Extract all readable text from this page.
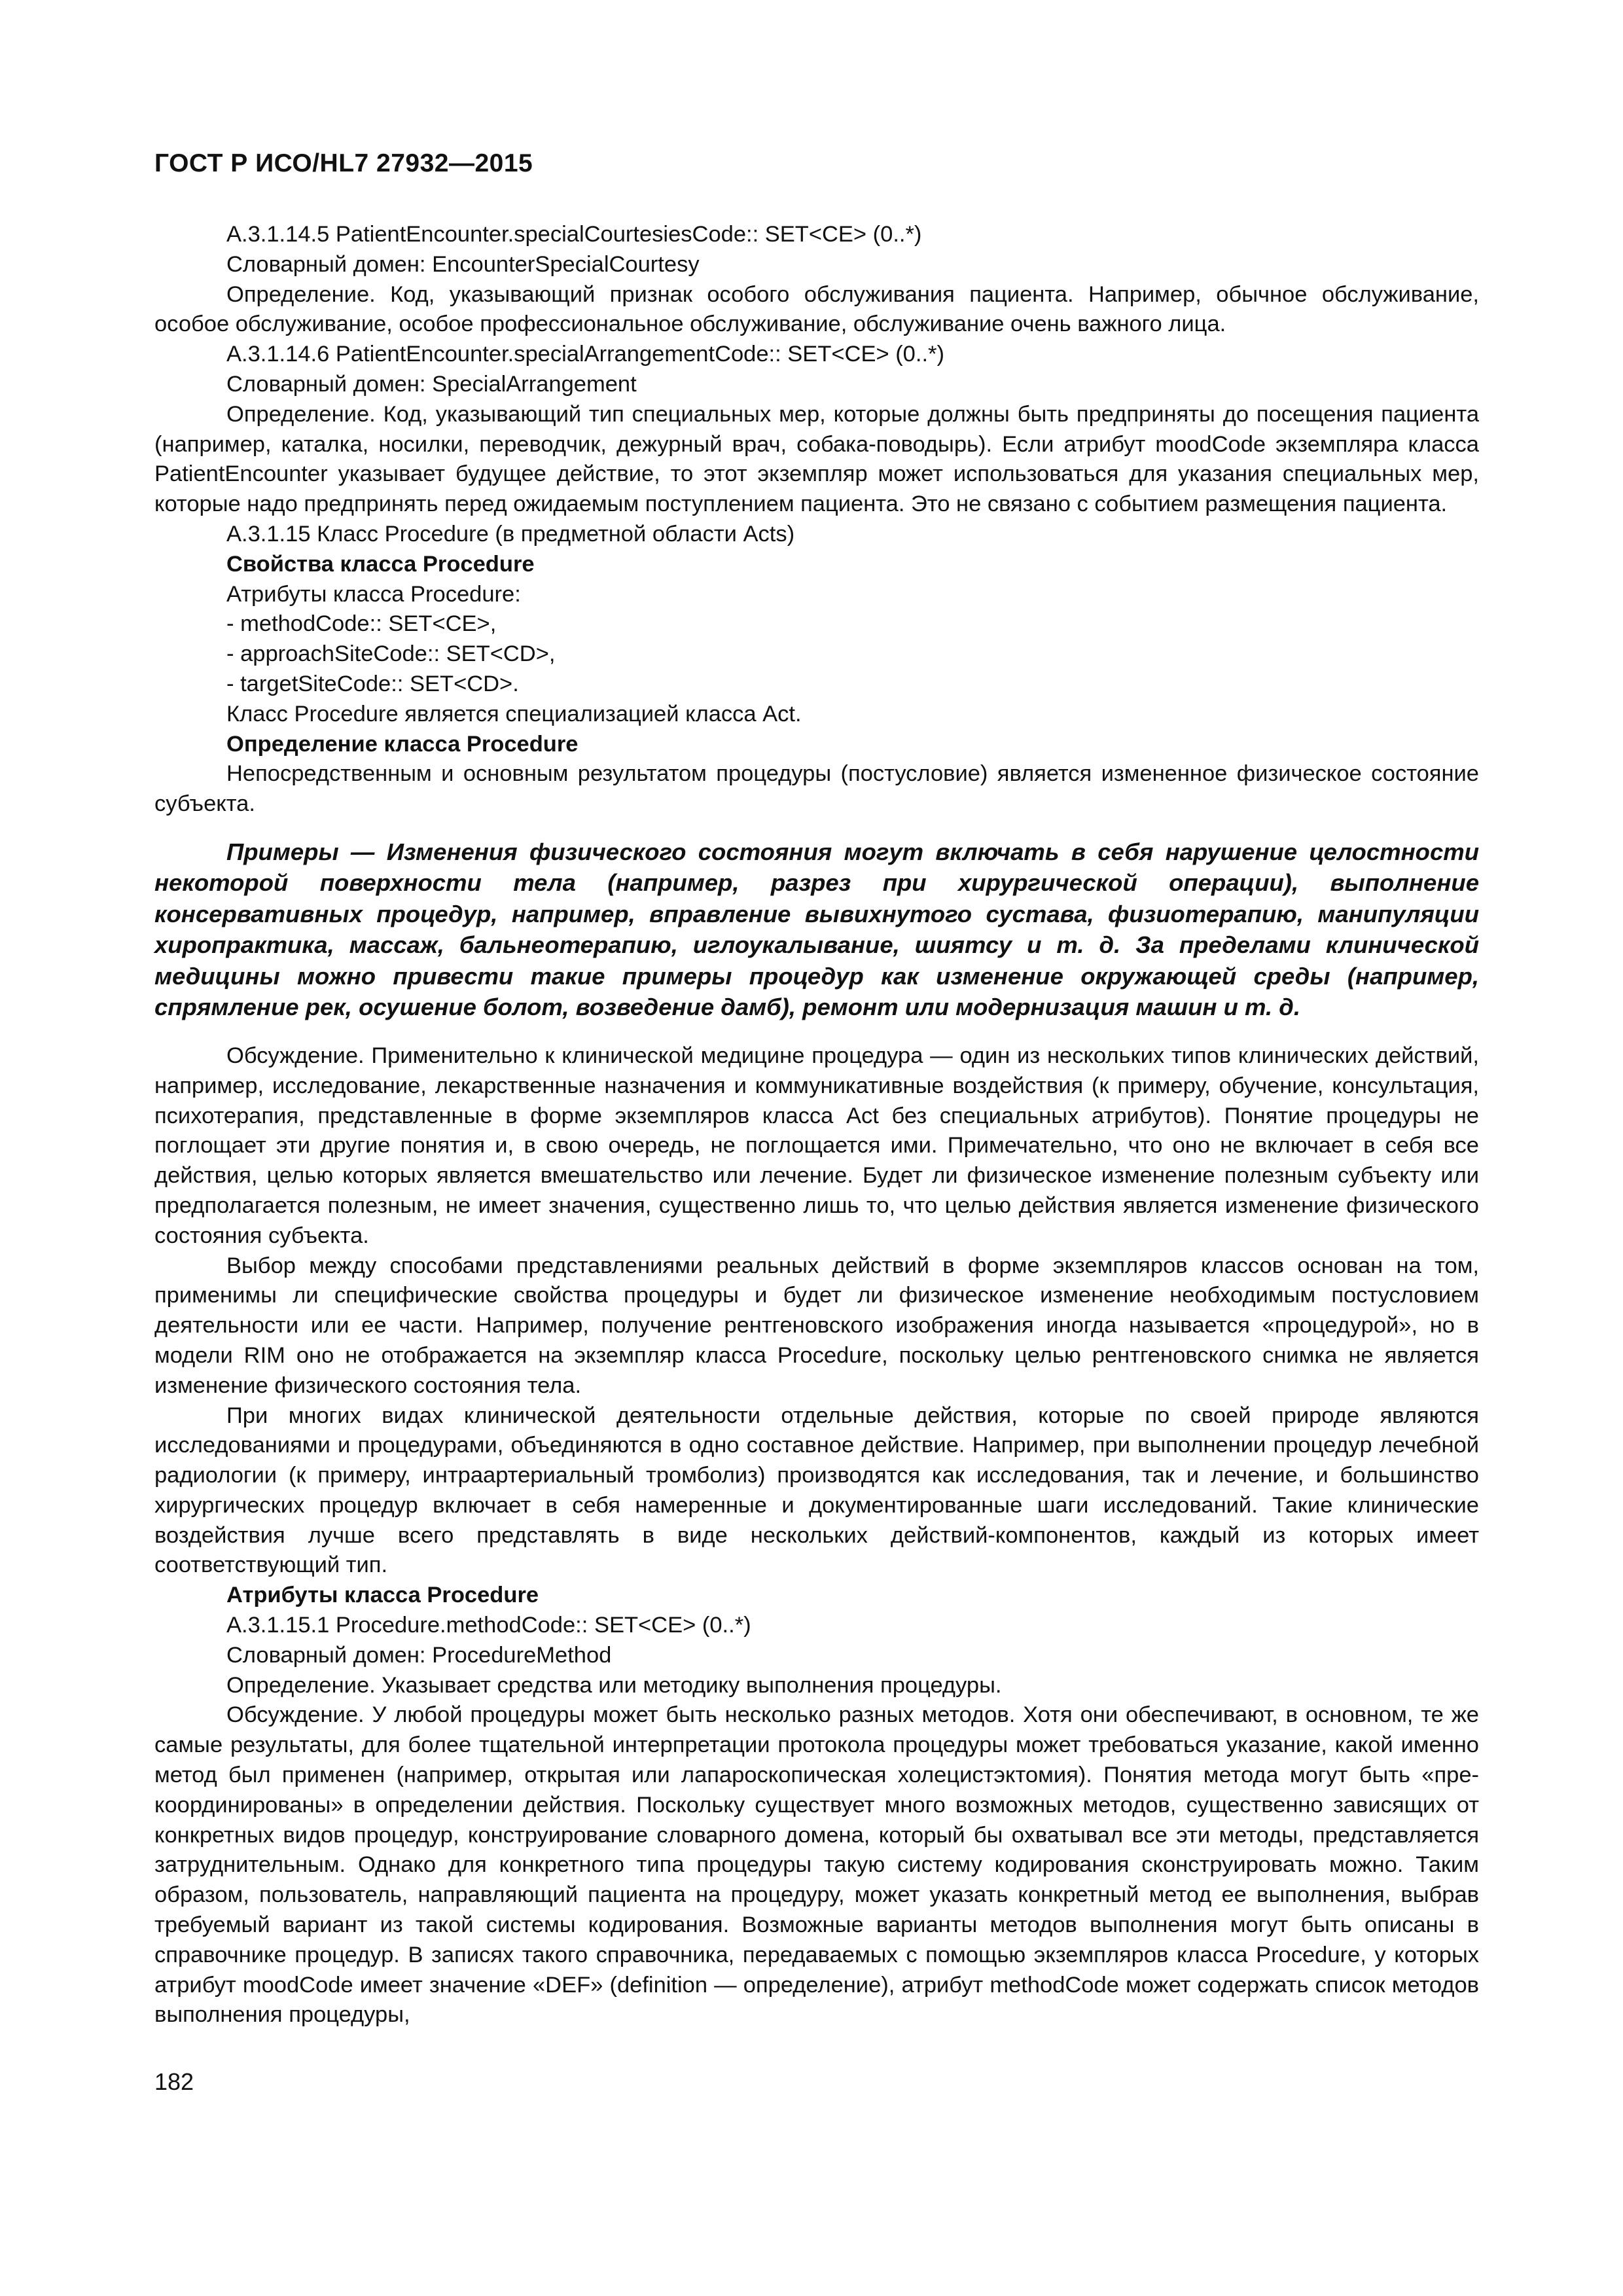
ГОСТ Р ИСО/HL7 27932—2015

A.3.1.14.5 PatientEncounter.specialCourtesiesCode:: SET<CE> (0..*)

Словарный домен: EncounterSpecialCourtesy

Определение. Код, указывающий признак особого обслуживания пациента. Например, обычное обслуживание, особое обслуживание, особое профессиональное обслуживание, обслуживание очень важного лица.

A.3.1.14.6 PatientEncounter.specialArrangementCode:: SET<CE> (0..*)

Словарный домен: SpecialArrangement

Определение. Код, указывающий тип специальных мер, которые должны быть предприняты до посещения пациента (например, каталка, носилки, переводчик, дежурный врач, собака-поводырь). Если атрибут moodCode экземпляра класса PatientEncounter указывает будущее действие, то этот экземпляр может использоваться для указания специальных мер, которые надо предпринять перед ожидаемым поступлением пациента. Это не связано с событием размещения пациента.

A.3.1.15 Класс Procedure (в предметной области Acts)

Свойства класса Procedure

Атрибуты класса Procedure:

- methodCode:: SET<CE>,

- approachSiteCode:: SET<CD>,

- targetSiteCode:: SET<CD>.

Класс Procedure является специализацией класса Act.

Определение класса Procedure

Непосредственным и основным результатом процедуры (постусловие) является измененное физическое состояние субъекта.

Примеры — Изменения физического состояния могут включать в себя нарушение целостности некоторой поверхности тела (например, разрез при хирургической операции), выполнение консервативных процедур, например, вправление вывихнутого сустава, физиотерапию, манипуляции хиропрактика, массаж, бальнеотерапию, иглоукалывание, шиятсу и т. д. За пределами клинической медицины можно привести такие примеры процедур как изменение окружающей среды (например, спрямление рек, осушение болот, возведение дамб), ремонт или модернизация машин и т. д.

Обсуждение. Применительно к клинической медицине процедура — один из нескольких типов клинических действий, например, исследование, лекарственные назначения и коммуникативные воздействия (к примеру, обучение, консультация, психотерапия, представленные в форме экземпляров класса Act без специальных атрибутов). Понятие процедуры не поглощает эти другие понятия и, в свою очередь, не поглощается ими. Примечательно, что оно не включает в себя все действия, целью которых является вмешательство или лечение. Будет ли физическое изменение полезным субъекту или предполагается полезным, не имеет значения, существенно лишь то, что целью действия является изменение физического состояния субъекта.

Выбор между способами представлениями реальных действий в форме экземпляров классов основан на том, применимы ли специфические свойства процедуры и будет ли физическое изменение необходимым постусловием деятельности или ее части. Например, получение рентгеновского изображения иногда называется «процедурой», но в модели RIM оно не отображается на экземпляр класса Procedure, поскольку целью рентгеновского снимка не является изменение физического состояния тела.

При многих видах клинической деятельности отдельные действия, которые по своей природе являются исследованиями и процедурами, объединяются в одно составное действие. Например, при выполнении процедур лечебной радиологии (к примеру, интраартериальный тромболиз) производятся как исследования, так и лечение, и большинство хирургических процедур включает в себя намеренные и документированные шаги исследований. Такие клинические воздействия лучше всего представлять в виде нескольких действий-компонентов, каждый из которых имеет соответствующий тип.

Атрибуты класса Procedure

A.3.1.15.1 Procedure.methodCode:: SET<CE> (0..*)

Словарный домен: ProcedureMethod

Определение. Указывает средства или методику выполнения процедуры.

Обсуждение. У любой процедуры может быть несколько разных методов. Хотя они обеспечивают, в основном, те же самые результаты, для более тщательной интерпретации протокола процедуры может требоваться указание, какой именно метод был применен (например, открытая или лапароскопическая холецистэктомия). Понятия метода могут быть «пре-координированы» в определении действия. Поскольку существует много возможных методов, существенно зависящих от конкретных видов процедур, конструирование словарного домена, который бы охватывал все эти методы, представляется затруднительным. Однако для конкретного типа процедуры такую систему кодирования сконструировать можно. Таким образом, пользователь, направляющий пациента на процедуру, может указать конкретный метод ее выполнения, выбрав требуемый вариант из такой системы кодирования. Возможные варианты методов выполнения могут быть описаны в справочнике процедур. В записях такого справочника, передаваемых с помощью экземпляров класса Procedure, у которых атрибут moodCode имеет значение «DEF» (definition — определение), атрибут methodCode может содержать список методов выполнения процедуры,

182
